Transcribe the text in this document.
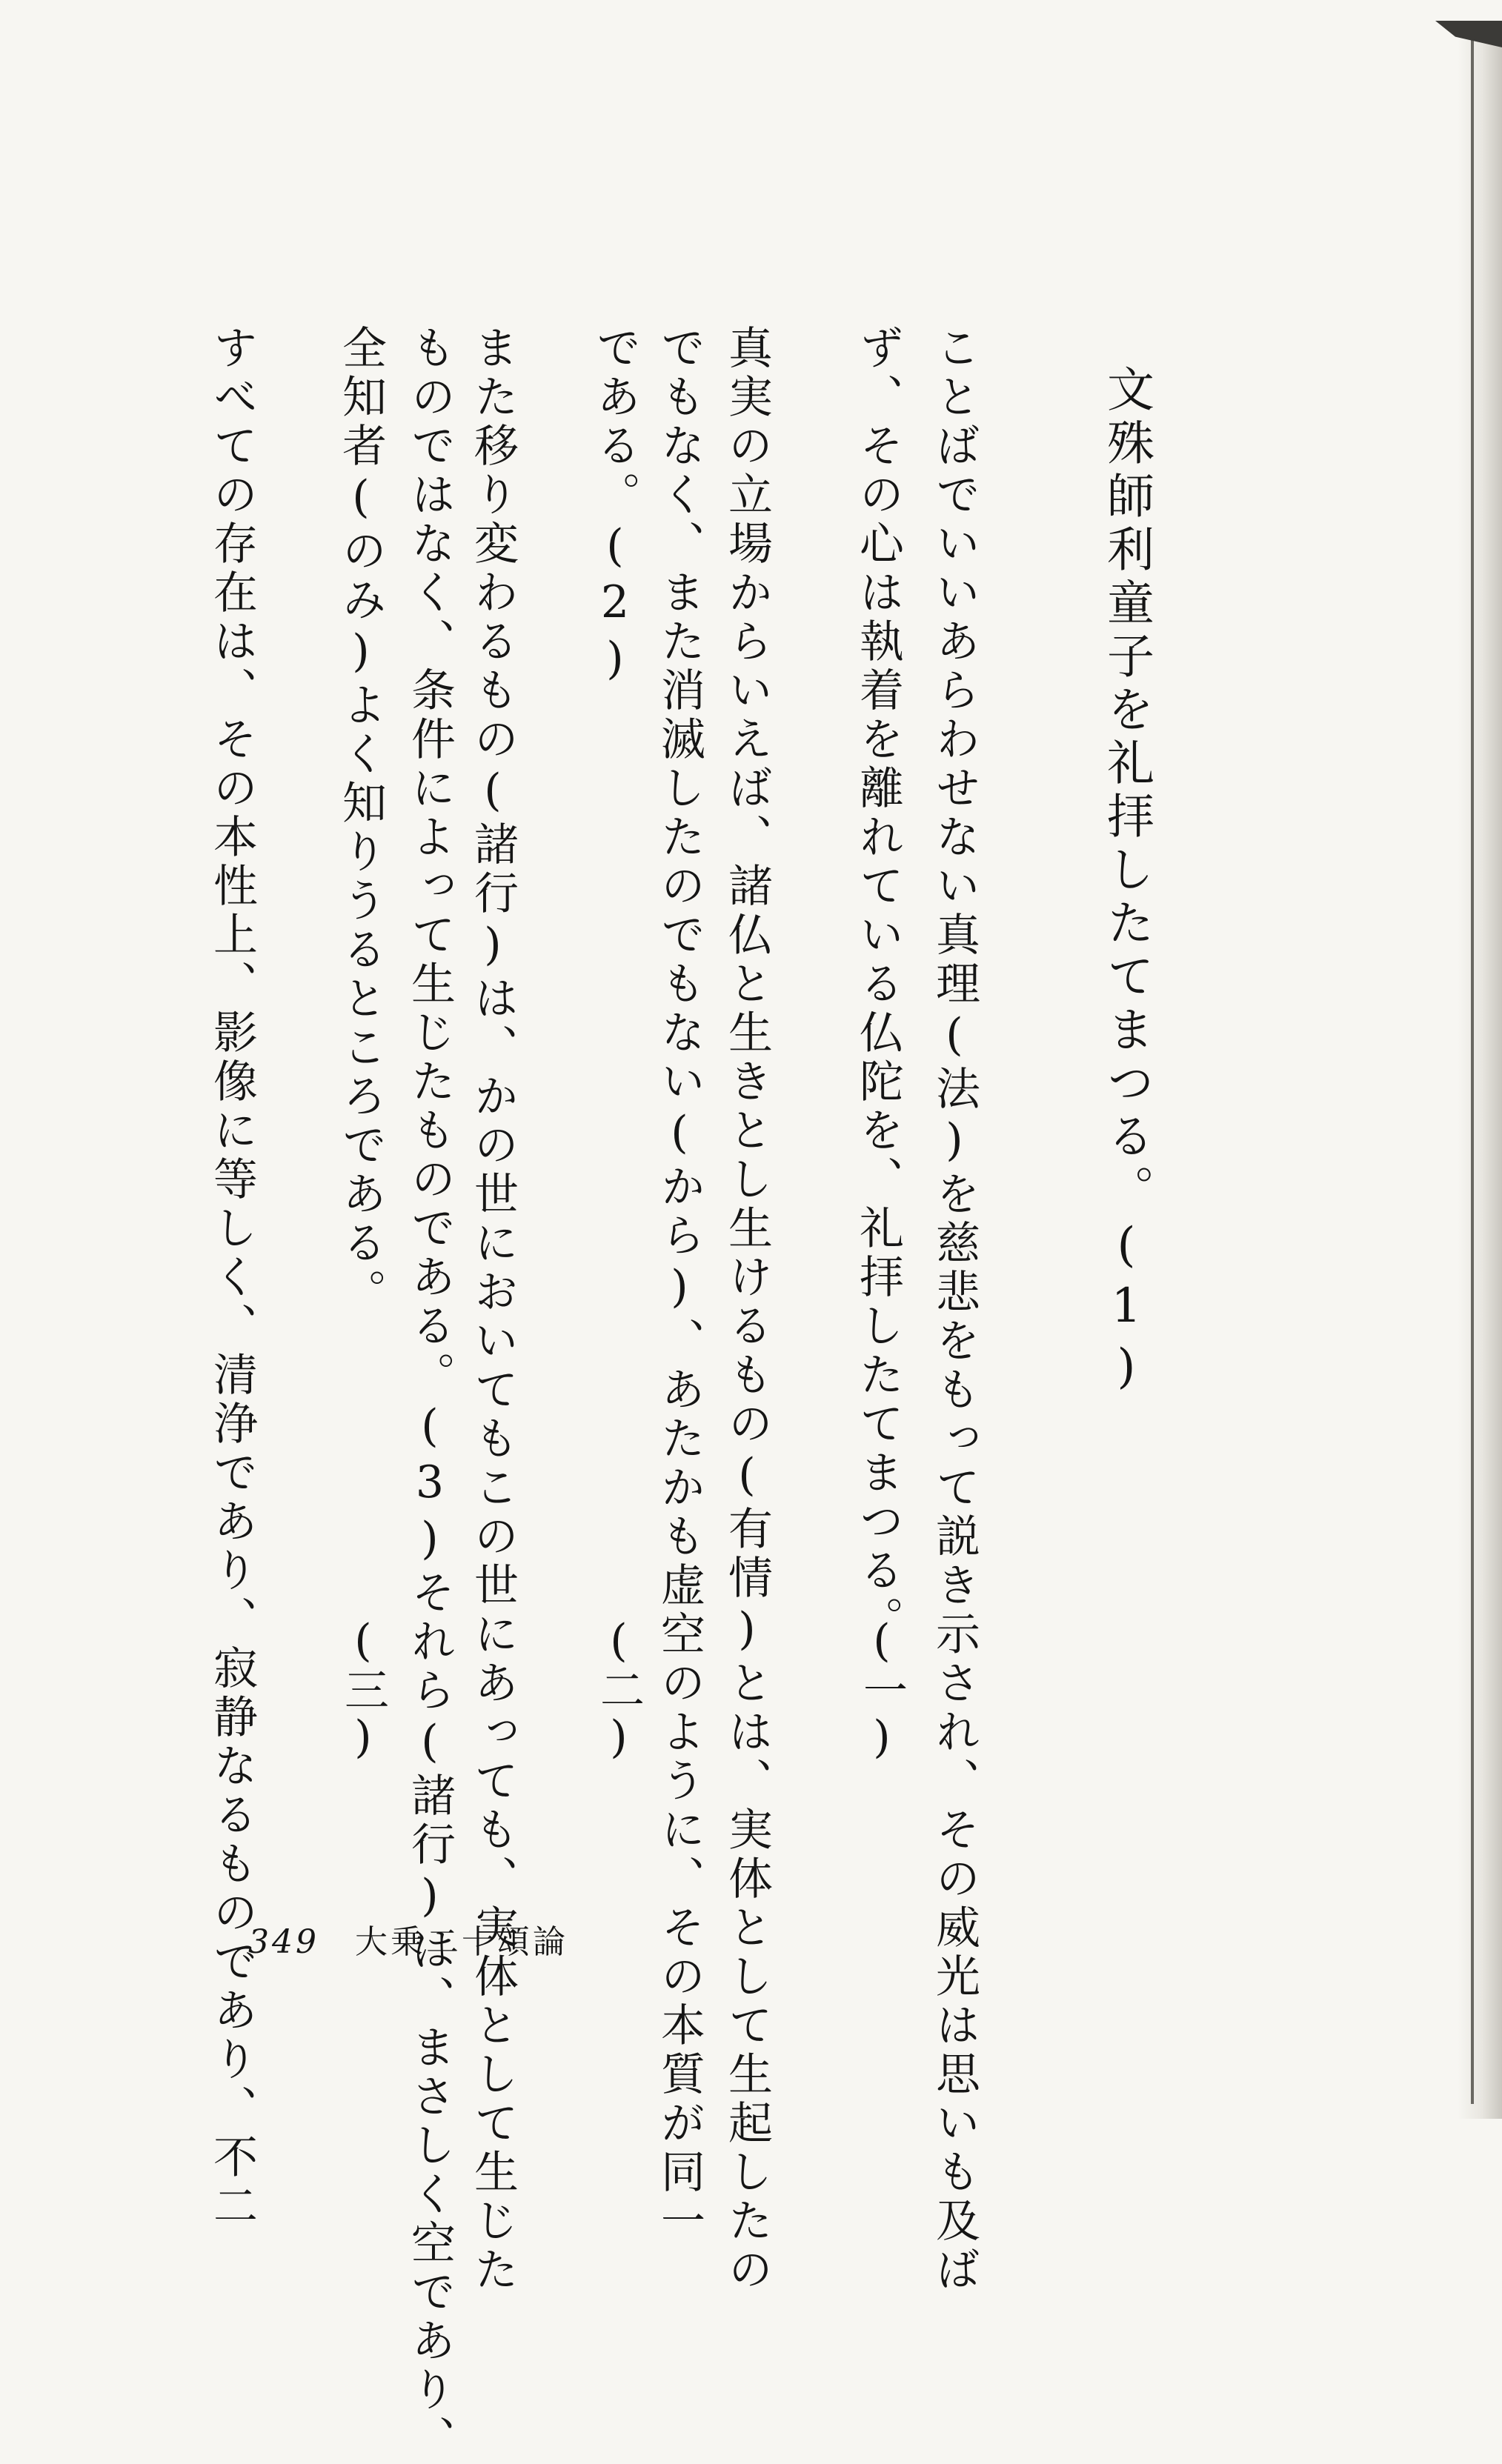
文殊師利童子を礼拝したてまつる。(1)
ことばでいいあらわせない真理(法)を慈悲をもって説き示され、その威光は思いも及ば
ず、その心は執着を離れている仏陀を、礼拝したてまつる。
真実の立場からいえば、諸仏と生きとし生けるもの(有情)とは、実体として生起したの
でもなく、また消滅したのでもない(から)、あたかも虚空のように、その本質が同一
である。(2)
また移り変わるもの(諸行)は、かの世においてもこの世にあっても、実体として生じた
ものではなく、条件によって生じたものである。(3)それら(諸行)は、まさしく空であり、
全知者(のみ)よく知りうるところである。
すべての存在は、その本性上、影像に等しく、清浄であり、寂静なるものであり、不二	(一)
(二)
(三)
349 大乗二十頌論
